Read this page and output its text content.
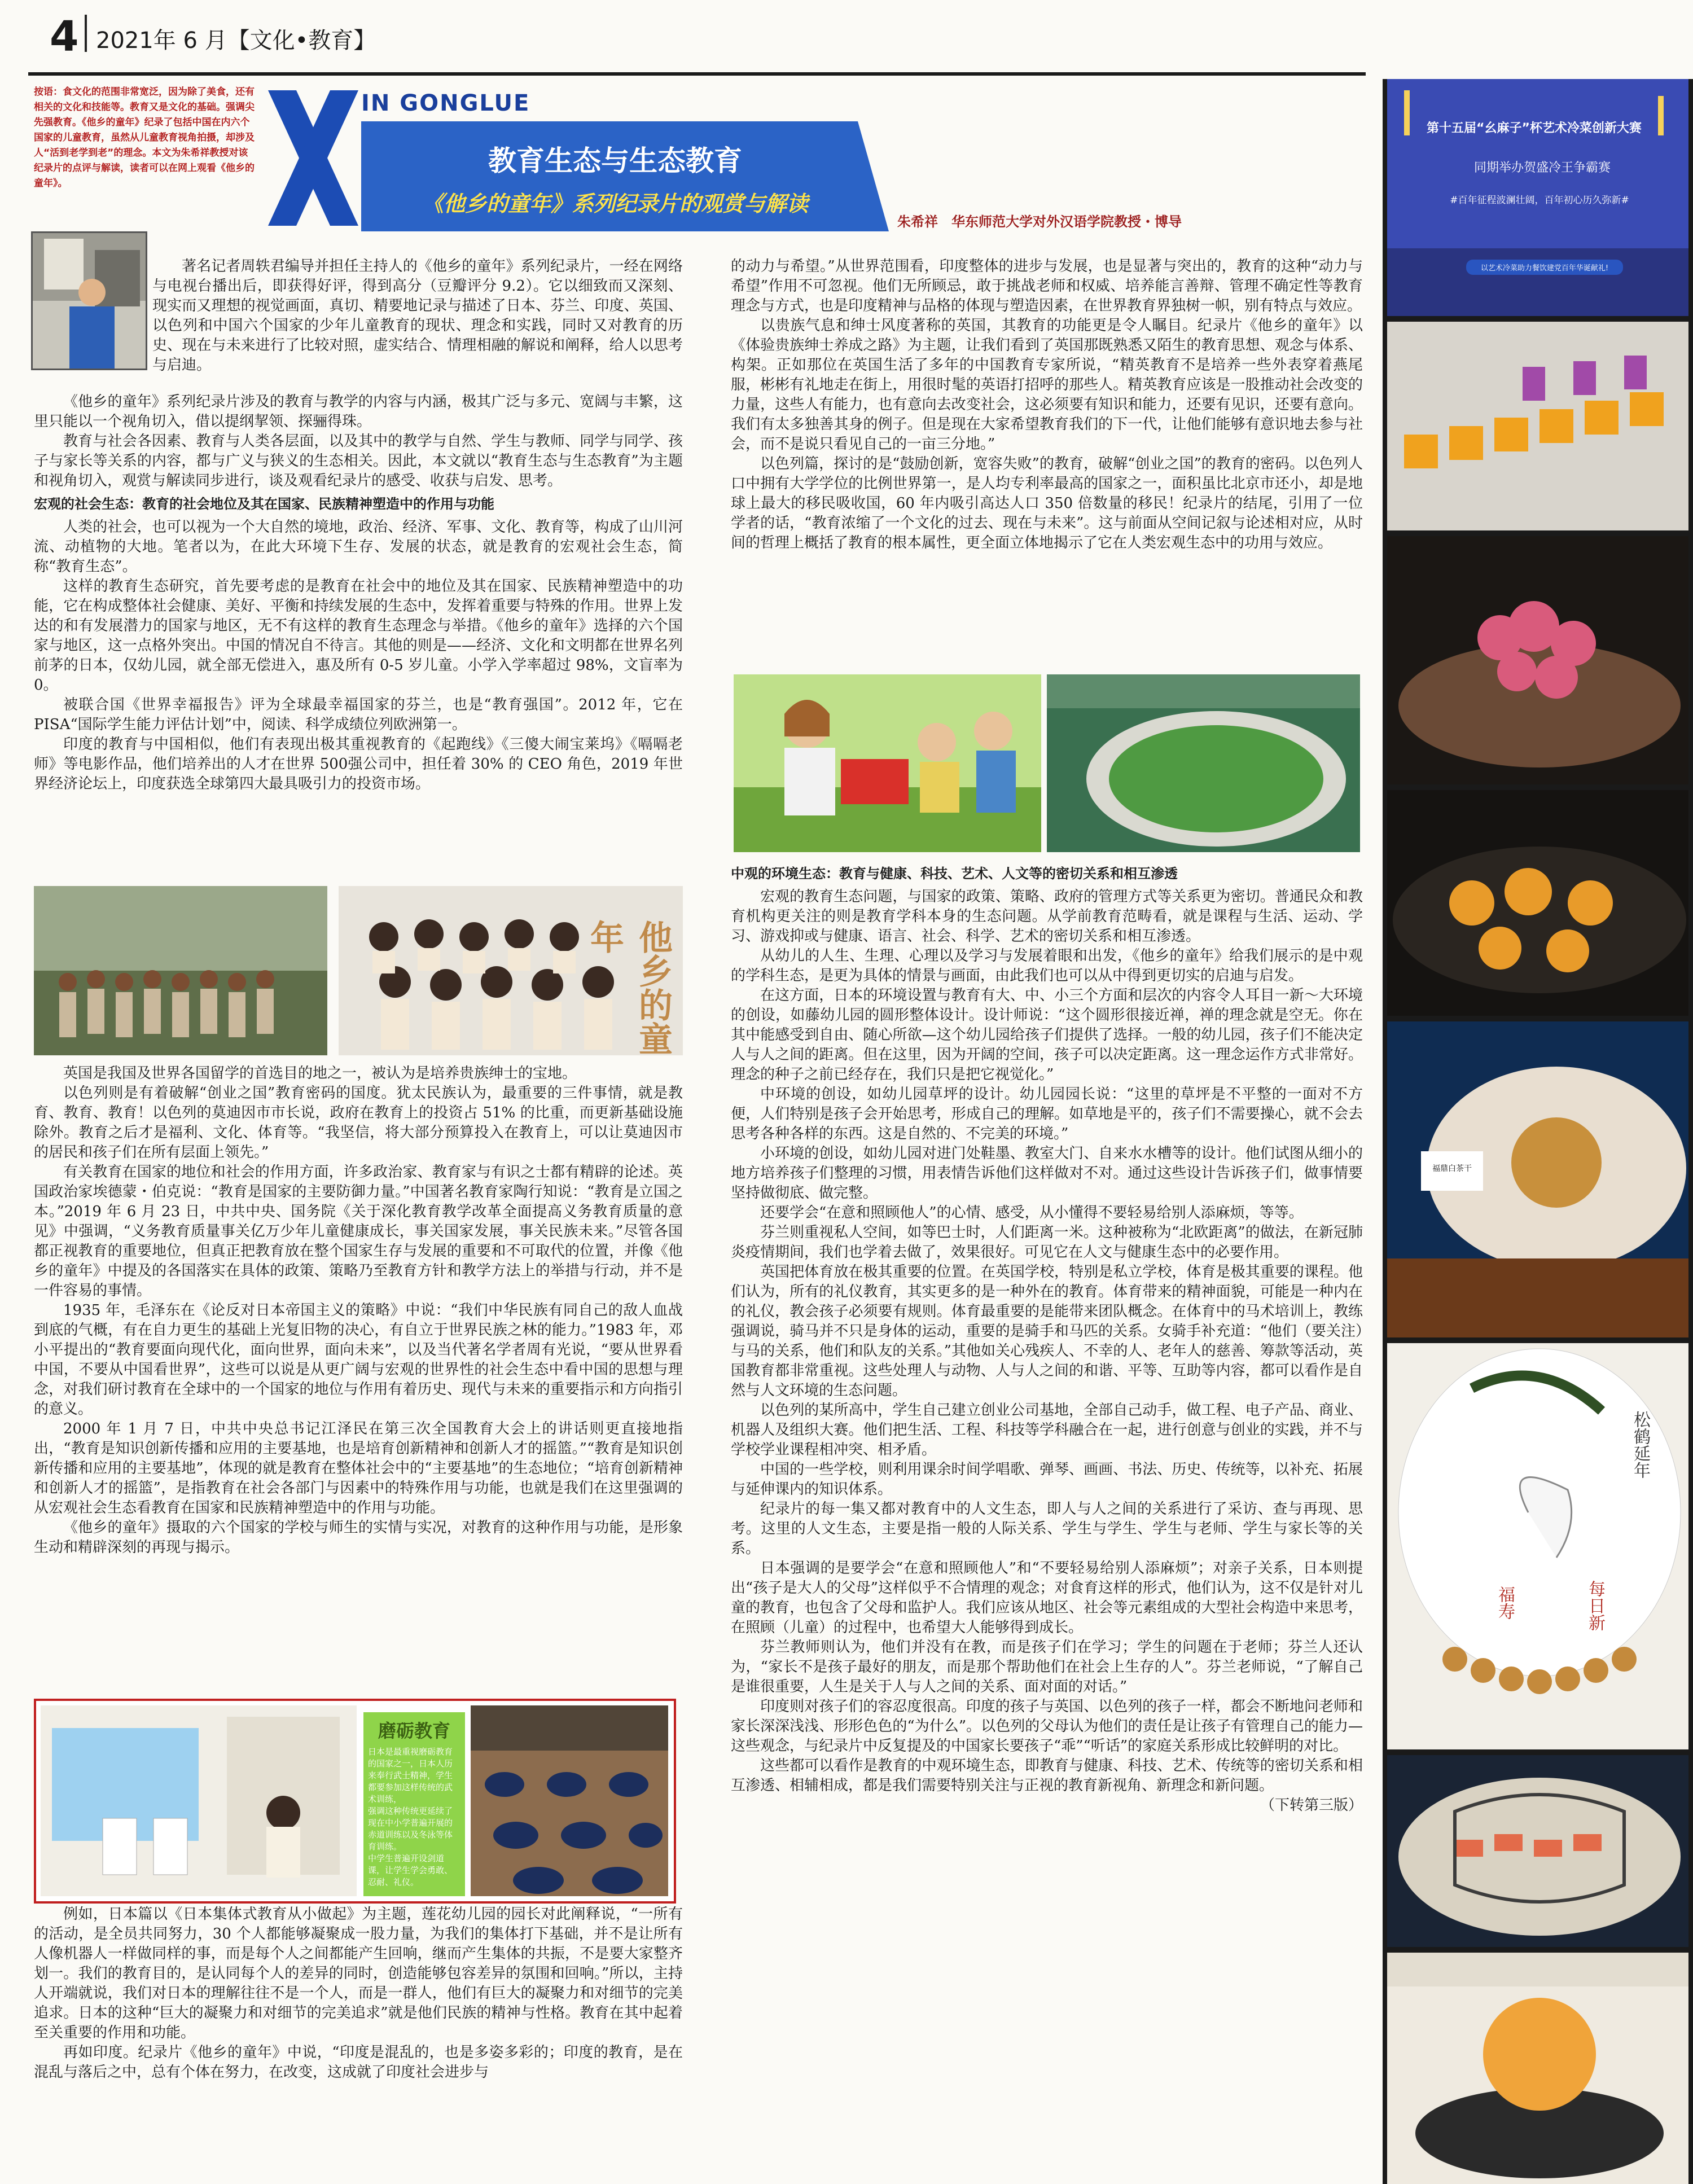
4 2021年 6 月【文化•教育】
按语：食文化的范围非常宽泛，因为除了美食，还有相关的文化和技能等。教育又是文化的基础。强调尖先强教育。《他乡的童年》纪录了包括中国在内六个国家的儿童教育，虽然从儿童教育视角拍摄，却涉及人“活到老学到老”的理念。本文为朱希祥教授对该纪录片的点评与解读，读者可以在网上观看《他乡的童年》。
IN GONGLUE
教育生态与生态教育
《他乡的童年》系列纪录片的观赏与解读
朱希祥　华东师范大学对外汉语学院教授・博导

著名记者周轶君编导并担任主持人的《他乡的童年》系列纪录片，一经在网络与电视台播出后，即获得好评，得到高分（豆瓣评分 9.2）。它以细致而又深刻、现实而又理想的视觉画面，真切、精要地记录与描述了日本、芬兰、印度、英国、以色列和中国六个国家的少年儿童教育的现状、理念和实践，同时又对教育的历史、现在与未来进行了比较对照，虚实结合、情理相融的解说和阐释，给人以思考与启迪。

《他乡的童年》系列纪录片涉及的教育与教学的内容与内涵，极其广泛与多元、宽阔与丰繁，这里只能以一个视角切入，借以提纲挈领、探骊得珠。

教育与社会各因素、教育与人类各层面，以及其中的教学与自然、学生与教师、同学与同学、孩子与家长等关系的内容，都与广义与狭义的生态相关。因此，本文就以“教育生态与生态教育”为主题和视角切入，观赏与解读同步进行，谈及观看纪录片的感受、收获与启发、思考。

宏观的社会生态：教育的社会地位及其在国家、民族精神塑造中的作用与功能

人类的社会，也可以视为一个大自然的境地，政治、经济、军事、文化、教育等，构成了山川河流、动植物的大地。笔者以为，在此大环境下生存、发展的状态，就是教育的宏观社会生态，简称“教育生态”。

这样的教育生态研究，首先要考虑的是教育在社会中的地位及其在国家、民族精神塑造中的功能，它在构成整体社会健康、美好、平衡和持续发展的生态中，发挥着重要与特殊的作用。世界上发达的和有发展潜力的国家与地区，无不有这样的教育生态理念与举措。《他乡的童年》选择的六个国家与地区，这一点格外突出。中国的情况自不待言。其他的则是——经济、文化和文明都在世界名列前茅的日本，仅幼儿园，就全部无偿进入，惠及所有 0-5 岁儿童。小学入学率超过 98%，文盲率为 0。

被联合国《世界幸福报告》评为全球最幸福国家的芬兰，也是“教育强国”。2012 年，它在 PISA“国际学生能力评估计划”中，阅读、科学成绩位列欧洲第一。

印度的教育与中国相似，他们有表现出极其重视教育的《起跑线》《三傻大闹宝莱坞》《嗝嗝老师》等电影作品，他们培养出的人才在世界 500强公司中，担任着 30% 的 CEO 角色，2019 年世界经济论坛上，印度获选全球第四大最具吸引力的投资市场。

他乡的童年

英国是我国及世界各国留学的首选目的地之一，被认为是培养贵族绅士的宝地。

以色列则是有着破解“创业之国”教育密码的国度。犹太民族认为，最重要的三件事情，就是教育、教育、教育！以色列的莫迪因市市长说，政府在教育上的投资占 51% 的比重，而更新基础设施除外。教育之后才是福利、文化、体育等。“我坚信，将大部分预算投入在教育上，可以让莫迪因市的居民和孩子们在所有层面上领先。”

有关教育在国家的地位和社会的作用方面，许多政治家、教育家与有识之士都有精辟的论述。英国政治家埃德蒙・伯克说：“教育是国家的主要防御力量。”中国著名教育家陶行知说：“教育是立国之本。”2019 年 6 月 23 日，中共中央、国务院《关于深化教育教学改革全面提高义务教育质量的意见》中强调，“义务教育质量事关亿万少年儿童健康成长，事关国家发展，事关民族未来。”尽管各国都正视教育的重要地位，但真正把教育放在整个国家生存与发展的重要和不可取代的位置，并像《他乡的童年》中提及的各国落实在具体的政策、策略乃至教育方针和教学方法上的举措与行动，并不是一件容易的事情。

1935 年，毛泽东在《论反对日本帝国主义的策略》中说：“我们中华民族有同自己的敌人血战到底的气概，有在自力更生的基础上光复旧物的决心，有自立于世界民族之林的能力。”1983 年，邓小平提出的“教育要面向现代化，面向世界，面向未来”，以及当代著名学者周有光说，“要从世界看中国，不要从中国看世界”，这些可以说是从更广阔与宏观的世界性的社会生态中看中国的思想与理念，对我们研讨教育在全球中的一个国家的地位与作用有着历史、现代与未来的重要指示和方向指引的意义。

2000 年 1 月 7 日，中共中央总书记江泽民在第三次全国教育大会上的讲话则更直接地指出，“教育是知识创新传播和应用的主要基地，也是培育创新精神和创新人才的摇篮。”“教育是知识创新传播和应用的主要基地”，体现的就是教育在整体社会中的“主要基地”的生态地位；“培育创新精神和创新人才的摇篮”，是指教育在社会各部门与因素中的特殊作用与功能，也就是我们在这里强调的从宏观社会生态看教育在国家和民族精神塑造中的作用与功能。

《他乡的童年》摄取的六个国家的学校与师生的实情与实况，对教育的这种作用与功能，是形象生动和精辟深刻的再现与揭示。

磨砺教育
日本是最重视磨砺教育的国家之一，日本人历来奉行武士精神，学生都要参加这样传统的武术训练，
强调这种传统更延续了现在中小学普遍开展的赤道训练以及冬泳等体育训练。
中学生普遍开设剑道课，让学生学会勇敢、忍耐、礼仪。

例如，日本篇以《日本集体式教育从小做起》为主题，莲花幼儿园的园长对此阐释说，“一所有的活动，是全员共同努力，30 个人都能够凝聚成一股力量，为我们的集体打下基础，并不是让所有人像机器人一样做同样的事，而是每个人之间都能产生回响，继而产生集体的共振，不是要大家整齐划一。我们的教育目的，是认同每个人的差异的同时，创造能够包容差异的氛围和回响。”所以，主持人开端就说，我们对日本的理解往往不是一个人，而是一群人，他们有巨大的凝聚力和对细节的完美追求。日本的这种“巨大的凝聚力和对细节的完美追求”就是他们民族的精神与性格。教育在其中起着至关重要的作用和功能。

再如印度。纪录片《他乡的童年》中说，“印度是混乱的，也是多姿多彩的；印度的教育，是在混乱与落后之中，总有个体在努力，在改变，这成就了印度社会进步与

的动力与希望。”从世界范围看，印度整体的进步与发展，也是显著与突出的，教育的这种“动力与希望”作用不可忽视。他们无所顾忌，敢于挑战老师和权威、培养能言善辩、管理不确定性等教育理念与方式，也是印度精神与品格的体现与塑造因素，在世界教育界独树一帜，别有特点与效应。

以贵族气息和绅士风度著称的英国，其教育的功能更是令人瞩目。纪录片《他乡的童年》以《体验贵族绅士养成之路》为主题，让我们看到了英国那既熟悉又陌生的教育思想、观念与体系、构架。正如那位在英国生活了多年的中国教育专家所说，“精英教育不是培养一些外表穿着燕尾服，彬彬有礼地走在街上，用很时髦的英语打招呼的那些人。精英教育应该是一股推动社会改变的力量，这些人有能力，也有意向去改变社会，这必须要有知识和能力，还要有见识，还要有意向。我们有太多独善其身的例子。但是现在大家希望教育我们的下一代，让他们能够有意识地去参与社会，而不是说只看见自己的一亩三分地。”

以色列篇，探讨的是“鼓励创新，宽容失败”的教育，破解“创业之国”的教育的密码。以色列人口中拥有大学学位的比例世界第一，是人均专利率最高的国家之一，面积虽比北京市还小，却是地球上最大的移民吸收国，60 年内吸引高达人口 350 倍数量的移民！纪录片的结尾，引用了一位学者的话，“教育浓缩了一个文化的过去、现在与未来”。这与前面从空间记叙与论述相对应，从时间的哲理上概括了教育的根本属性，更全面立体地揭示了它在人类宏观生态中的功用与效应。

中观的环境生态：教育与健康、科技、艺术、人文等的密切关系和相互渗透

宏观的教育生态问题，与国家的政策、策略、政府的管理方式等关系更为密切。普通民众和教育机构更关注的则是教育学科本身的生态问题。从学前教育范畴看，就是课程与生活、运动、学习、游戏抑或与健康、语言、社会、科学、艺术的密切关系和相互渗透。

从幼儿的人生、生理、心理以及学习与发展着眼和出发，《他乡的童年》给我们展示的是中观的学科生态，是更为具体的情景与画面，由此我们也可以从中得到更切实的启迪与启发。

在这方面，日本的环境设置与教育有大、中、小三个方面和层次的内容令人耳目一新～大环境的创设，如藤幼儿园的圆形整体设计。设计师说：“这个圆形很接近禅，禅的理念就是空无。你在其中能感受到自由、随心所欲—这个幼儿园给孩子们提供了选择。一般的幼儿园，孩子们不能决定人与人之间的距离。但在这里，因为开阔的空间，孩子可以决定距离。这一理念运作方式非常好。理念的种子之前已经存在，我们只是把它视觉化。”

中环境的创设，如幼儿园草坪的设计。幼儿园园长说：“这里的草坪是不平整的一面对不方便，人们特别是孩子会开始思考，形成自己的理解。如草地是平的，孩子们不需要操心，就不会去思考各种各样的东西。这是自然的、不完美的环境。”

小环境的创设，如幼儿园对进门处鞋墨、教室大门、自来水水槽等的设计。他们试图从细小的地方培养孩子们整理的习惯，用表情告诉他们这样做对不对。通过这些设计告诉孩子们，做事情要坚持做彻底、做完整。

还要学会“在意和照顾他人”的心情、感受，从小懂得不要轻易给别人添麻烦，等等。

芬兰则重视私人空间，如等巴士时，人们距离一米。这种被称为“北欧距离”的做法，在新冠肺炎疫情期间，我们也学着去做了，效果很好。可见它在人文与健康生态中的必要作用。

英国把体育放在极其重要的位置。在英国学校，特别是私立学校，体育是极其重要的课程。他们认为，所有的礼仪教育，其实更多的是一种外在的教育。体育带来的精神面貌，可能是一种内在的礼仪，教会孩子必须要有规则。体育最重要的是能带来团队概念。在体育中的马术培训上，教练强调说，骑马并不只是身体的运动，重要的是骑手和马匹的关系。女骑手补充道：“他们（要关注）与马的关系，他们和队友的关系。”其他如关心残疾人、不幸的人、老年人的慈善、筹款等活动，英国教育都非常重视。这些处理人与动物、人与人之间的和谐、平等、互助等内容，都可以看作是自然与人文环境的生态问题。

以色列的某所高中，学生自己建立创业公司基地，全部自己动手，做工程、电子产品、商业、机器人及组织大赛。他们把生活、工程、科技等学科融合在一起，进行创意与创业的实践，并不与学校学业课程相冲突、相矛盾。

中国的一些学校，则利用课余时间学唱歌、弹琴、画画、书法、历史、传统等，以补充、拓展与延伸课内的知识体系。

纪录片的每一集又都对教育中的人文生态，即人与人之间的关系进行了采访、查与再现、思考。这里的人文生态，主要是指一般的人际关系、学生与学生、学生与老师、学生与家长等的关系。

日本强调的是要学会“在意和照顾他人”和“不要轻易给别人添麻烦”；对亲子关系，日本则提出“孩子是大人的父母”这样似乎不合情理的观念；对食育这样的形式，他们认为，这不仅是针对儿童的教育，也包含了父母和监护人。我们应该从地区、社会等元素组成的大型社会构造中来思考，在照顾（儿童）的过程中，也希望大人能够得到成长。

芬兰教师则认为，他们并没有在教，而是孩子们在学习；学生的问题在于老师；芬兰人还认为，“家长不是孩子最好的朋友，而是那个帮助他们在社会上生存的人”。芬兰老师说，“了解自己是谁很重要，人生是关于人与人之间的关系、面对面的对话。”

印度则对孩子们的容忍度很高。印度的孩子与英国、以色列的孩子一样，都会不断地问老师和家长深深浅浅、形形色色的“为什么”。以色列的父母认为他们的责任是让孩子有管理自己的能力—这些观念，与纪录片中反复提及的中国家长要孩子“乖”“听话”的家庭关系形成比较鲜明的对比。

这些都可以看作是教育的中观环境生态，即教育与健康、科技、艺术、传统等的密切关系和相互渗透、相辅相成，都是我们需要特别关注与正视的教育新视角、新理念和新问题。

（下转第三版）
第十五届“幺麻子”杯艺术冷菜创新大赛
同期举办贺盛冷王争霸赛
#百年征程波澜壮阔，百年初心历久弥新#
以艺术冷菜助力餐饮建党百年华诞献礼!
福鼎白茶干
松鹤延年
福寿	每日新
